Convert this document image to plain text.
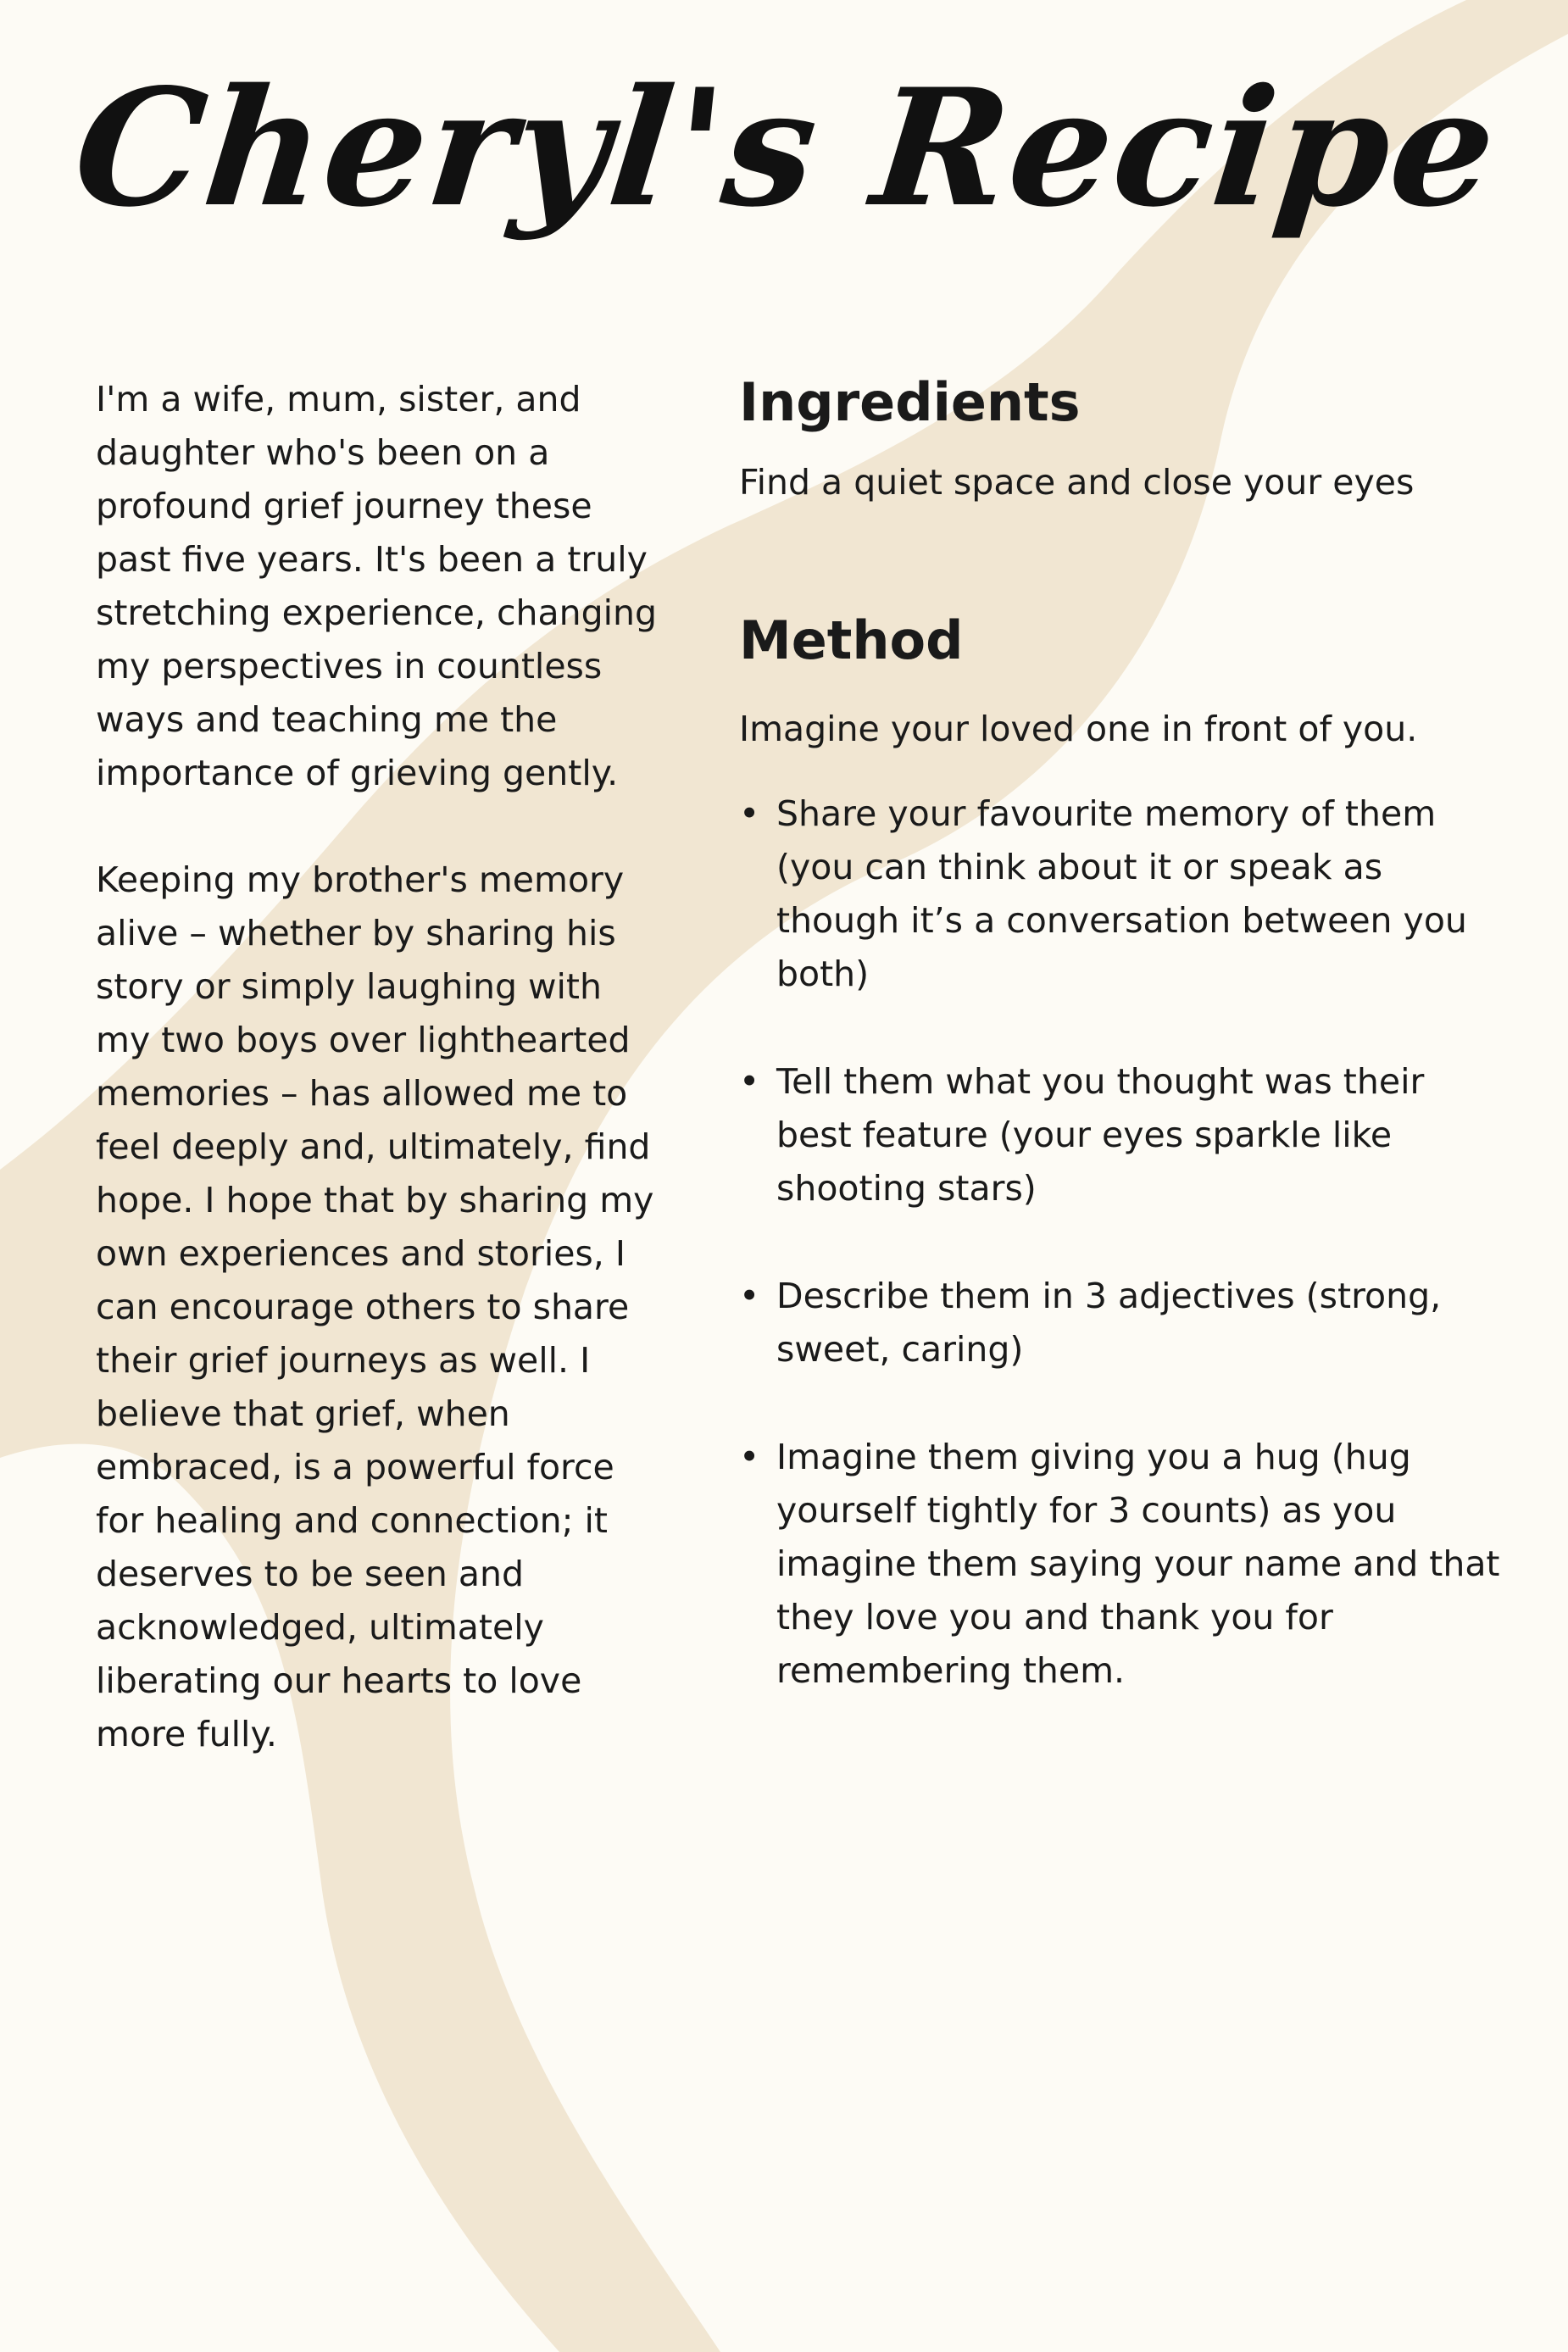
Cheryl's Recipe

I'm a wife, mum, sister, and daughter who's been on a profound grief journey these past five years. It's been a truly stretching experience, changing my perspectives in countless ways and teaching me the importance of grieving gently.

Keeping my brother's memory alive – whether by sharing his story or simply laughing with my two boys over lighthearted memories – has allowed me to feel deeply and, ultimately, find hope. I hope that by sharing my own experiences and stories, I can encourage others to share their grief journeys as well. I believe that grief, when embraced, is a powerful force for healing and connection; it deserves to be seen and acknowledged, ultimately liberating our hearts to love more fully.

Ingredients

Find a quiet space and close your eyes

Method

Imagine your loved one in front of you.

• Share your favourite memory of them (you can think about it or speak as though it’s a conversation between you both)
• Tell them what you thought was their best feature (your eyes sparkle like shooting stars)
• Describe them in 3 adjectives (strong, sweet, caring)
• Imagine them giving you a hug (hug yourself tightly for 3 counts) as you imagine them saying your name and that they love you and thank you for remembering them.
